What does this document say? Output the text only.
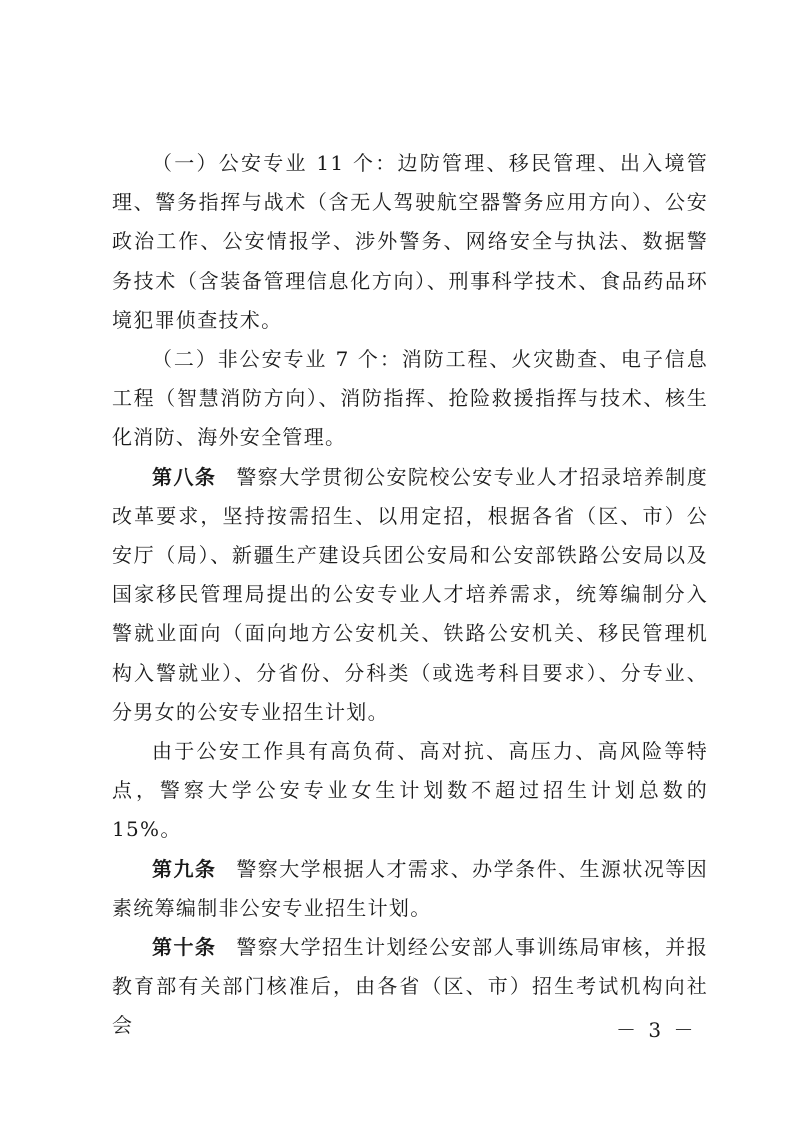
（一）公安专业 11 个：边防管理、移民管理、出入境管理、警务指挥与战术（含无人驾驶航空器警务应用方向）、公安政治工作、公安情报学、涉外警务、网络安全与执法、数据警务技术（含装备管理信息化方向）、刑事科学技术、食品药品环境犯罪侦查技术。

（二）非公安专业 7 个：消防工程、火灾勘查、电子信息工程（智慧消防方向）、消防指挥、抢险救援指挥与技术、核生化消防、海外安全管理。

第八条 警察大学贯彻公安院校公安专业人才招录培养制度改革要求，坚持按需招生、以用定招，根据各省（区、市）公安厅（局）、新疆生产建设兵团公安局和公安部铁路公安局以及国家移民管理局提出的公安专业人才培养需求，统筹编制分入警就业面向（面向地方公安机关、铁路公安机关、移民管理机构入警就业）、分省份、分科类（或选考科目要求）、分专业、分男女的公安专业招生计划。

由于公安工作具有高负荷、高对抗、高压力、高风险等特点，警察大学公安专业女生计划数不超过招生计划总数的 15%。

第九条 警察大学根据人才需求、办学条件、生源状况等因素统筹编制非公安专业招生计划。

第十条 警察大学招生计划经公安部人事训练局审核，并报教育部有关部门核准后，由各省（区、市）招生考试机构向社会	－ 3 －
